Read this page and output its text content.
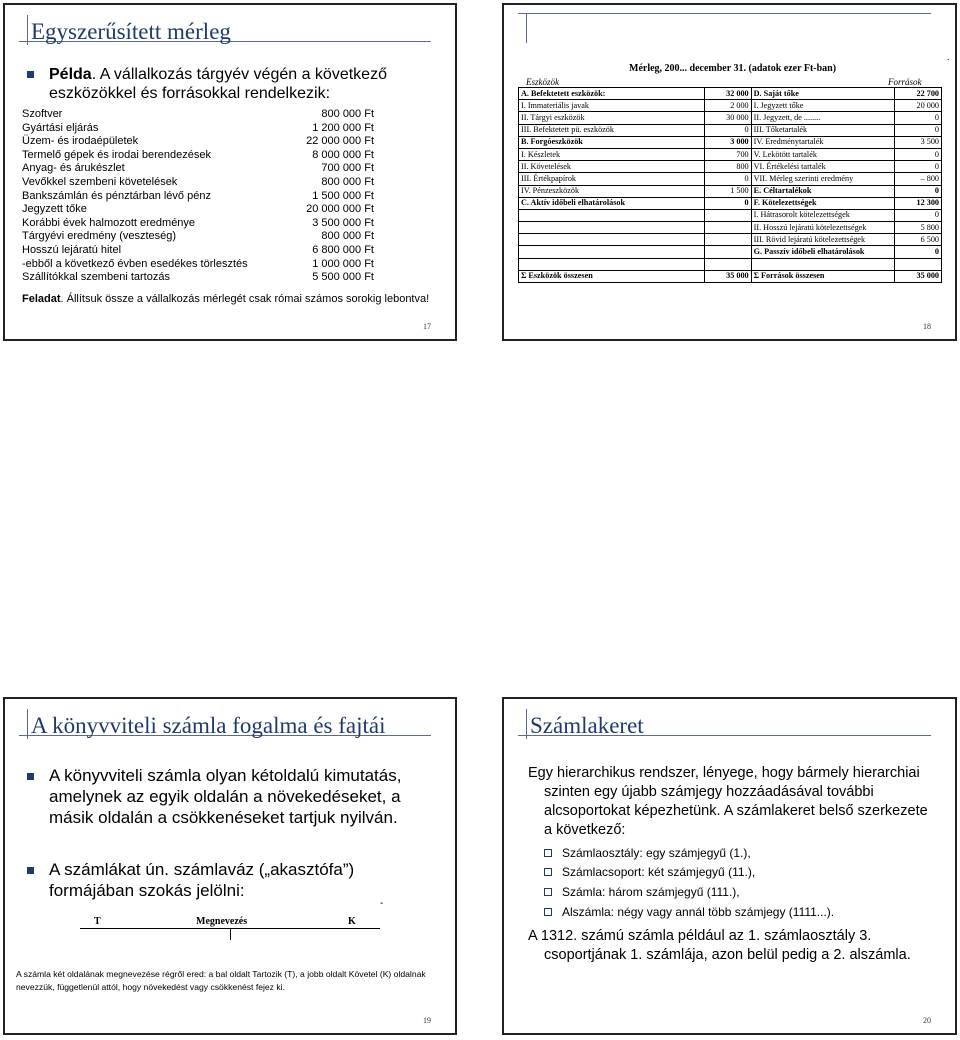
Egyszerűsített mérleg
Példa. A vállalkozás tárgyév végén a következő eszközökkel és forrásokkal rendelkezik:
Szoftver	800 000 Ft
Gyártási eljárás	1 200 000 Ft
Üzem- és irodaépületek	22 000 000 Ft
Termelő gépek és irodai berendezések	8 000 000 Ft
Anyag- és árukészlet	700 000 Ft
Vevőkkel szembeni követelések	800 000 Ft
Bankszámlán és pénztárban lévő pénz	1 500 000 Ft
Jegyzett tőke	20 000 000 Ft
Korábbi évek halmozott eredménye	3 500 000 Ft
Tárgyévi eredmény (veszteség)	800 000 Ft
Hosszú lejáratú hitel	6 800 000 Ft
-ebből a következő évben esedékes törlesztés	1 000 000 Ft
Szállítókkal szembeni tartozás	5 500 000 Ft
Feladat. Állítsuk össze a vállalkozás mérlegét csak római számos sorokig lebontva!
17
.
Mérleg, 200... december 31. (adatok ezer Ft-ban)
Eszközök	Források
A. Befektetett eszközök:	32 000	D. Saját tőke	22 700
I. Immateriális javak	2 000	I. Jegyzett tőke	20 000
II. Tárgyi eszközök	30 000	II. Jegyzett, de ........	0
III. Befektetett pü. eszközök	0	III. Tőketartalék	0
B. Forgóeszközök	3 000	IV. Eredménytartalék	3 500
I. Készletek	700	V. Lekötött tartalék	0
II. Követelések	800	VI. Értékelési tartalék	0
III. Értékpapírok	0	VII. Mérleg szerinti eredmény	– 800
IV. Pénzeszközök	1 500	E. Céltartalékok	0
C. Aktív időbeli elhatárolások	0	F. Kötelezettségek	12 300
		I. Hátrasorolt kötelezettségek	0
		II. Hosszú lejáratú kötelezettségek	5 800
		III. Rövid lejáratú kötelezettségek	6 500
		G. Passzív időbeli elhatárolások	0

Σ Eszközök összesen	35 000	Σ Források összesen	35 000
18
A könyvviteli számla fogalma és fajtái
A könyvviteli számla olyan kétoldalú kimutatás, amelynek az egyik oldalán a növekedéseket, a másik oldalán a csökkenéseket tartjuk nyilván.
A számlákat ún. számlaváz („akasztófa”) formájában szokás jelölni:
19
-
T	Megnevezés	K
A számla két oldalának megnevezése régről ered: a bal oldalt Tartozik (T), a jobb oldalt Követel (K) oldalnak nevezzük, függetlenül attól, hogy növekedést vagy csökkenést fejez ki.
Számlakeret
20
Egy hierarchikus rendszer, lényege, hogy bármely hierarchiai szinten egy újabb számjegy hozzáadásával további alcsoportokat képezhetünk. A számlakeret belső szerkezete a következő:
Számlaosztály: egy számjegyű (1.),
Számlacsoport: két számjegyű (11.),
Számla: három számjegyű (111.),
Alszámla: négy vagy annál több számjegy (1111...).
A 1312. számú számla például az 1. számlaosztály 3. csoportjának 1. számlája, azon belül pedig a 2. alszámla.
